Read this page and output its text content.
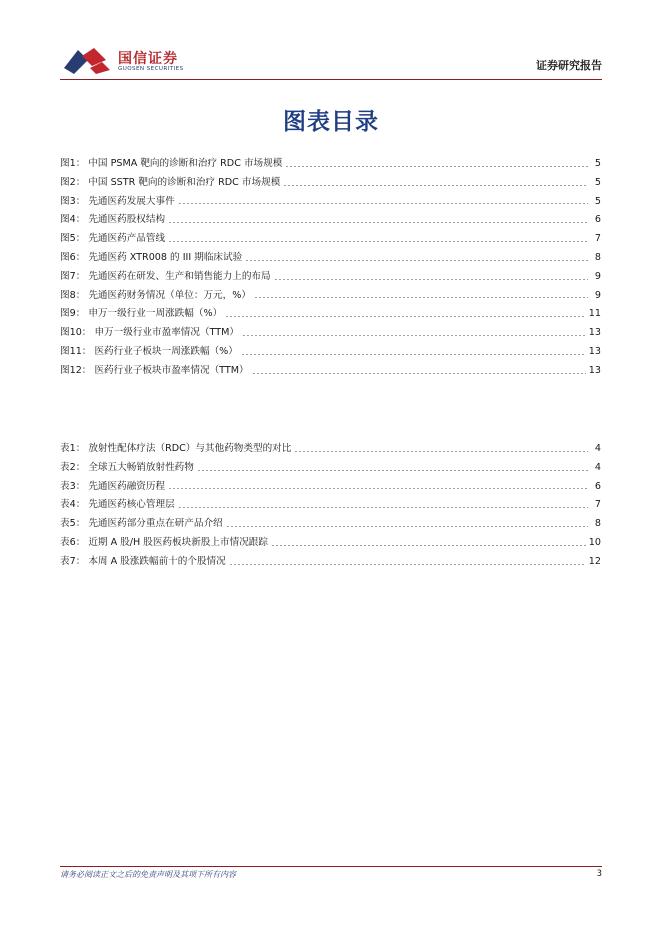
国信证券
GUOSEN SECURITIES	证券研究报告
图表目录
图1： 中国 PSMA 靶向的诊断和治疗 RDC 市场规模	5
图2： 中国 SSTR 靶向的诊断和治疗 RDC 市场规模	5
图3： 先通医药发展大事件	5
图4： 先通医药股权结构	6
图5： 先通医药产品管线	7
图6： 先通医药 XTR008 的 III 期临床试验	8
图7： 先通医药在研发、生产和销售能力上的布局	9
图8： 先通医药财务情况（单位：万元，%）	9
图9： 申万一级行业一周涨跌幅（%）	11
图10： 申万一级行业市盈率情况（TTM）	13
图11： 医药行业子板块一周涨跌幅（%）	13
图12： 医药行业子板块市盈率情况（TTM）	13
表1： 放射性配体疗法（RDC）与其他药物类型的对比	4
表2： 全球五大畅销放射性药物	4
表3： 先通医药融资历程	6
表4： 先通医药核心管理层	7
表5： 先通医药部分重点在研产品介绍	8
表6： 近期 A 股/H 股医药板块新股上市情况跟踪	10
表7： 本周 A 股涨跌幅前十的个股情况	12
请务必阅读正文之后的免责声明及其项下所有内容	3
